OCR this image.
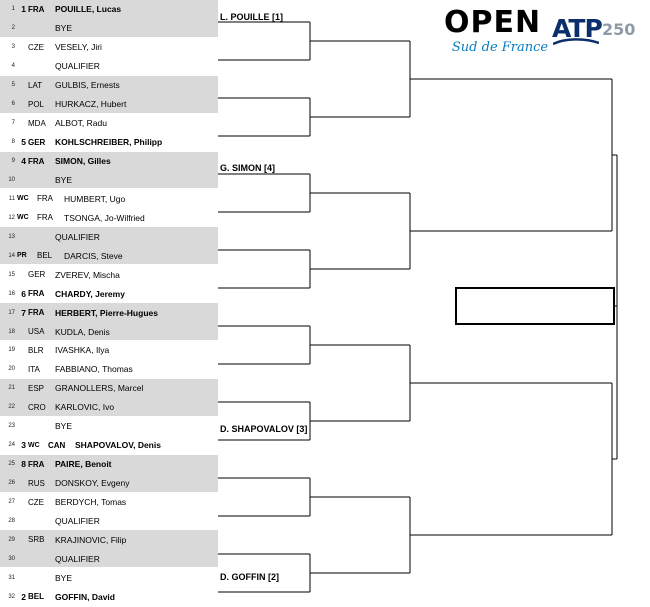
1 1 FRA	POUILLE, Lucas
2	BYE
3 CZE	VESELY, Jiri
4	QUALIFIER
5 LAT	GULBIS, Ernests
6 POL	HURKACZ, Hubert
7 MDA	ALBOT, Radu
8 5 GER	KOHLSCHREIBER, Philipp
9 4 FRA	SIMON, Gilles
10	BYE
11 WC	FRA	HUMBERT, Ugo
12 WC	FRA	TSONGA, Jo-Wilfried
13	QUALIFIER
14 PR	BEL	DARCIS, Steve
15 GER	ZVEREV, Mischa
16 6 FRA	CHARDY, Jeremy
17 7 FRA	HERBERT, Pierre-Hugues
18 USA	KUDLA, Denis
19 BLR	IVASHKA, Ilya
20 ITA	FABBIANO, Thomas
21 ESP	GRANOLLERS, Marcel
22 CRO	KARLOVIC, Ivo
23	BYE
24 3 WC	CAN	SHAPOVALOV, Denis
25 8 FRA	PAIRE, Benoit
26 RUS	DONSKOY, Evgeny
27 CZE	BERDYCH, Tomas
28	QUALIFIER
29 SRB	KRAJINOVIC, Filip
30	QUALIFIER
31	BYE
32 2 BEL	GOFFIN, David
L. POUILLE [1]
G. SIMON [4]
D. SHAPOVALOV [3]
D. GOFFIN [2]
OPEN
Sud de France
ATP 250
